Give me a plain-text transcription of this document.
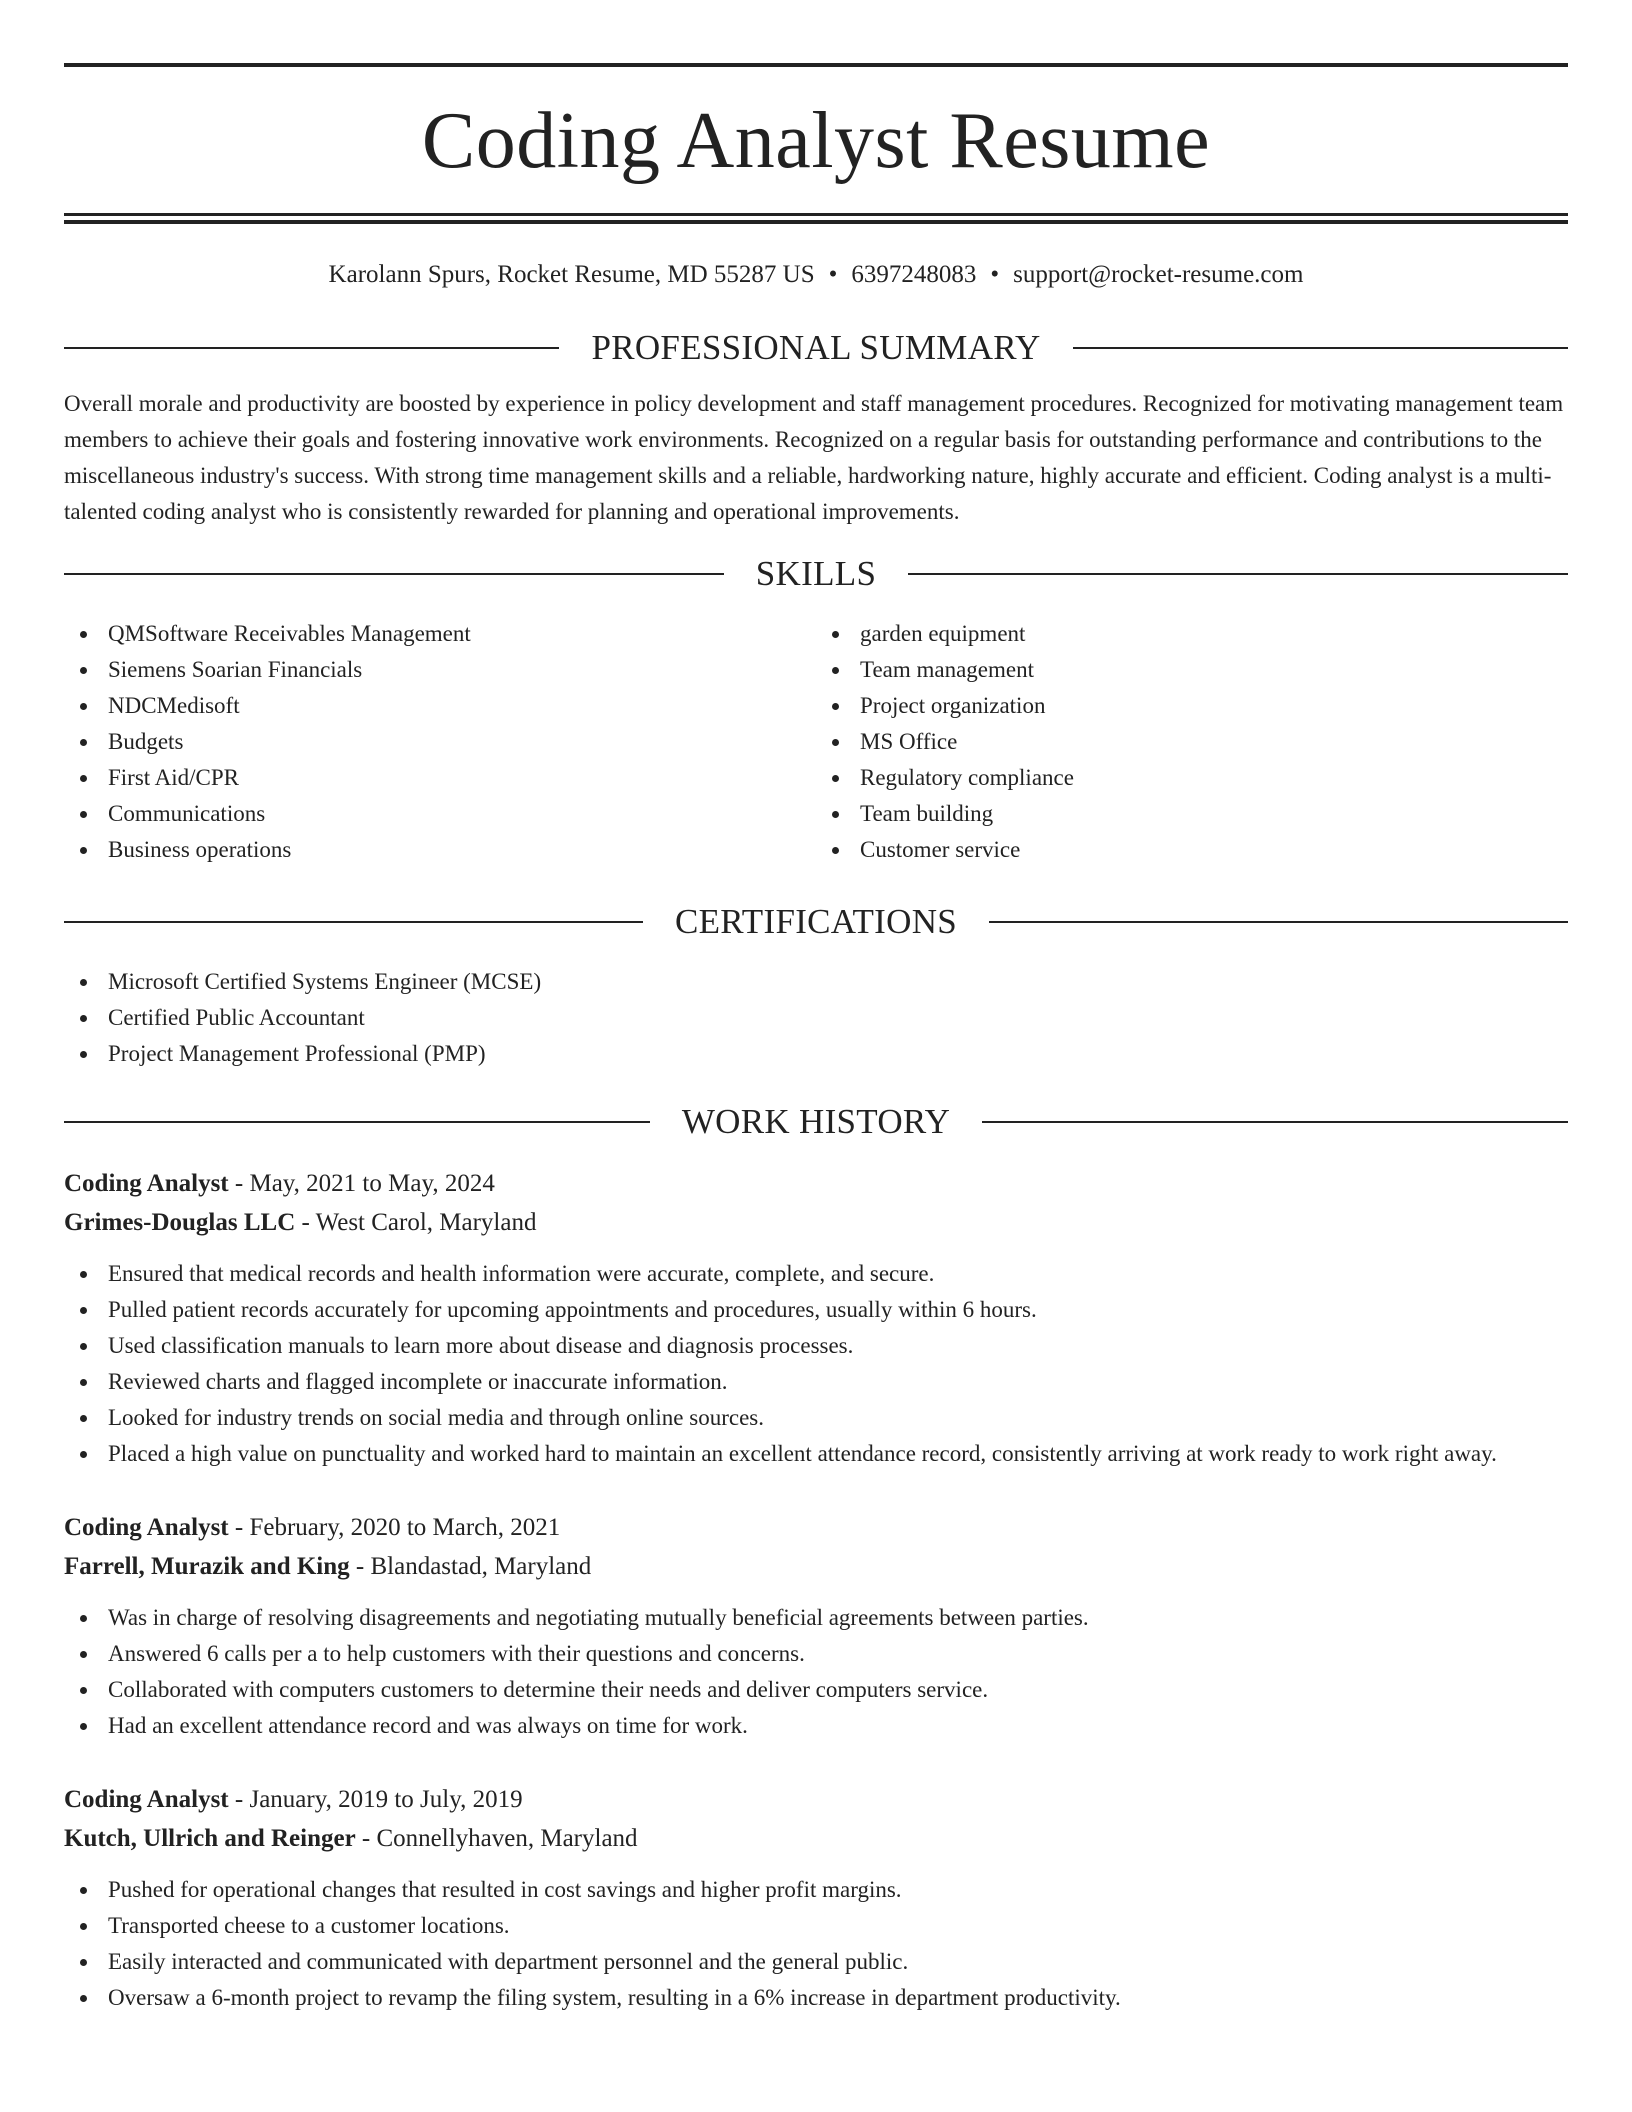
Coding Analyst Resume
Karolann Spurs, Rocket Resume, MD 55287 US • 6397248083 • support@rocket-resume.com
PROFESSIONAL SUMMARY

Overall morale and productivity are boosted by experience in policy development and staff management procedures. Recognized for motivating management team members to achieve their goals and fostering innovative work environments. Recognized on a regular basis for outstanding performance and contributions to the miscellaneous industry's success. With strong time management skills and a reliable, hardworking nature, highly accurate and efficient. Coding analyst is a multi-talented coding analyst who is consistently rewarded for planning and operational improvements.

SKILLS
QMSoftware Receivables Management
Siemens Soarian Financials
NDCMedisoft
Budgets
First Aid/CPR
Communications
Business operations
garden equipment
Team management
Project organization
MS Office
Regulatory compliance
Team building
Customer service
CERTIFICATIONS
Microsoft Certified Systems Engineer (MCSE)
Certified Public Accountant
Project Management Professional (PMP)
WORK HISTORY
Coding Analyst - May, 2021 to May, 2024
Grimes-Douglas LLC - West Carol, Maryland
Ensured that medical records and health information were accurate, complete, and secure.
Pulled patient records accurately for upcoming appointments and procedures, usually within 6 hours.
Used classification manuals to learn more about disease and diagnosis processes.
Reviewed charts and flagged incomplete or inaccurate information.
Looked for industry trends on social media and through online sources.
Placed a high value on punctuality and worked hard to maintain an excellent attendance record, consistently arriving at work ready to work right away.
Coding Analyst - February, 2020 to March, 2021
Farrell, Murazik and King - Blandastad, Maryland
Was in charge of resolving disagreements and negotiating mutually beneficial agreements between parties.
Answered 6 calls per a to help customers with their questions and concerns.
Collaborated with computers customers to determine their needs and deliver computers service.
Had an excellent attendance record and was always on time for work.
Coding Analyst - January, 2019 to July, 2019
Kutch, Ullrich and Reinger - Connellyhaven, Maryland
Pushed for operational changes that resulted in cost savings and higher profit margins.
Transported cheese to a customer locations.
Easily interacted and communicated with department personnel and the general public.
Oversaw a 6-month project to revamp the filing system, resulting in a 6% increase in department productivity.
